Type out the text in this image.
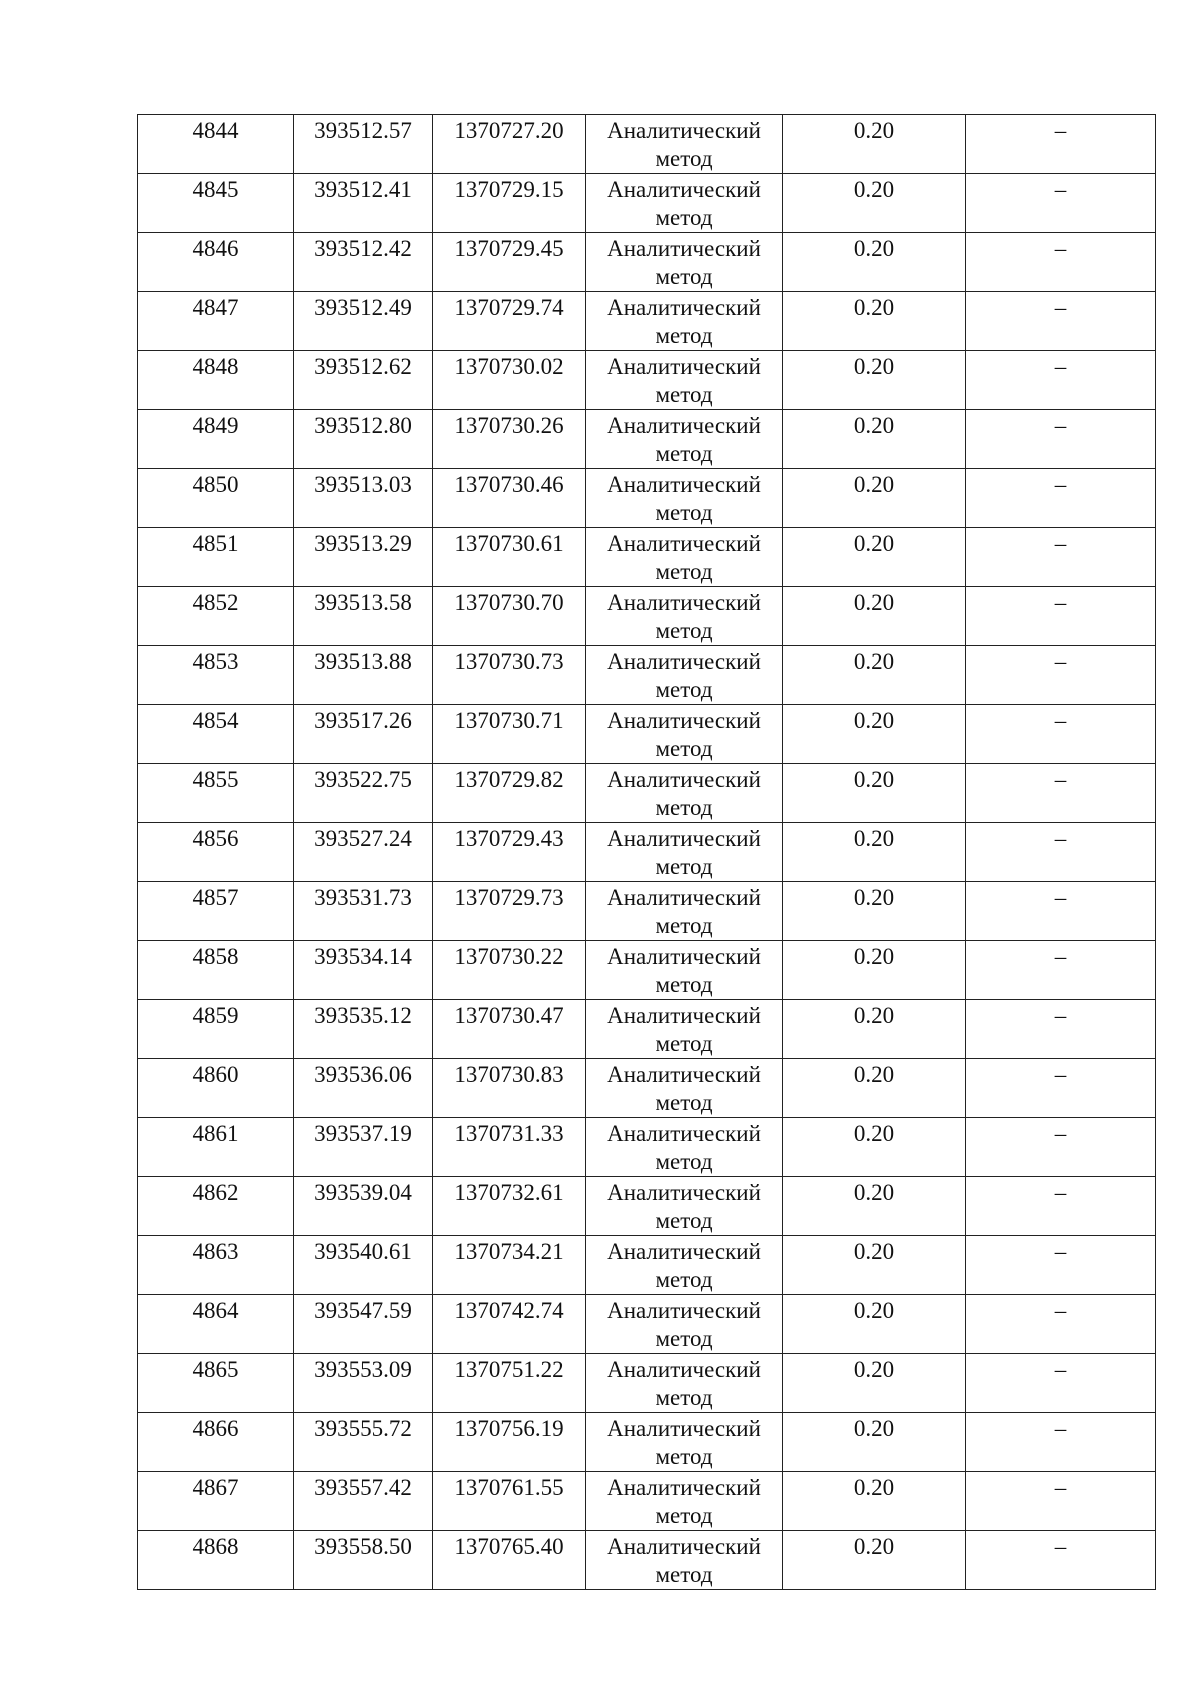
4844	393512.57	1370727.20	Аналитический метод	0.20	–

4845	393512.41	1370729.15	Аналитический метод	0.20	–

4846	393512.42	1370729.45	Аналитический метод	0.20	–

4847	393512.49	1370729.74	Аналитический метод	0.20	–

4848	393512.62	1370730.02	Аналитический метод	0.20	–

4849	393512.80	1370730.26	Аналитический метод	0.20	–

4850	393513.03	1370730.46	Аналитический метод	0.20	–

4851	393513.29	1370730.61	Аналитический метод	0.20	–

4852	393513.58	1370730.70	Аналитический метод	0.20	–

4853	393513.88	1370730.73	Аналитический метод	0.20	–

4854	393517.26	1370730.71	Аналитический метод	0.20	–

4855	393522.75	1370729.82	Аналитический метод	0.20	–

4856	393527.24	1370729.43	Аналитический метод	0.20	–

4857	393531.73	1370729.73	Аналитический метод	0.20	–

4858	393534.14	1370730.22	Аналитический метод	0.20	–

4859	393535.12	1370730.47	Аналитический метод	0.20	–

4860	393536.06	1370730.83	Аналитический метод	0.20	–

4861	393537.19	1370731.33	Аналитический метод	0.20	–

4862	393539.04	1370732.61	Аналитический метод	0.20	–

4863	393540.61	1370734.21	Аналитический метод	0.20	–

4864	393547.59	1370742.74	Аналитический метод	0.20	–

4865	393553.09	1370751.22	Аналитический метод	0.20	–

4866	393555.72	1370756.19	Аналитический метод	0.20	–

4867	393557.42	1370761.55	Аналитический метод	0.20	–

4868	393558.50	1370765.40	Аналитический метод	0.20	–
